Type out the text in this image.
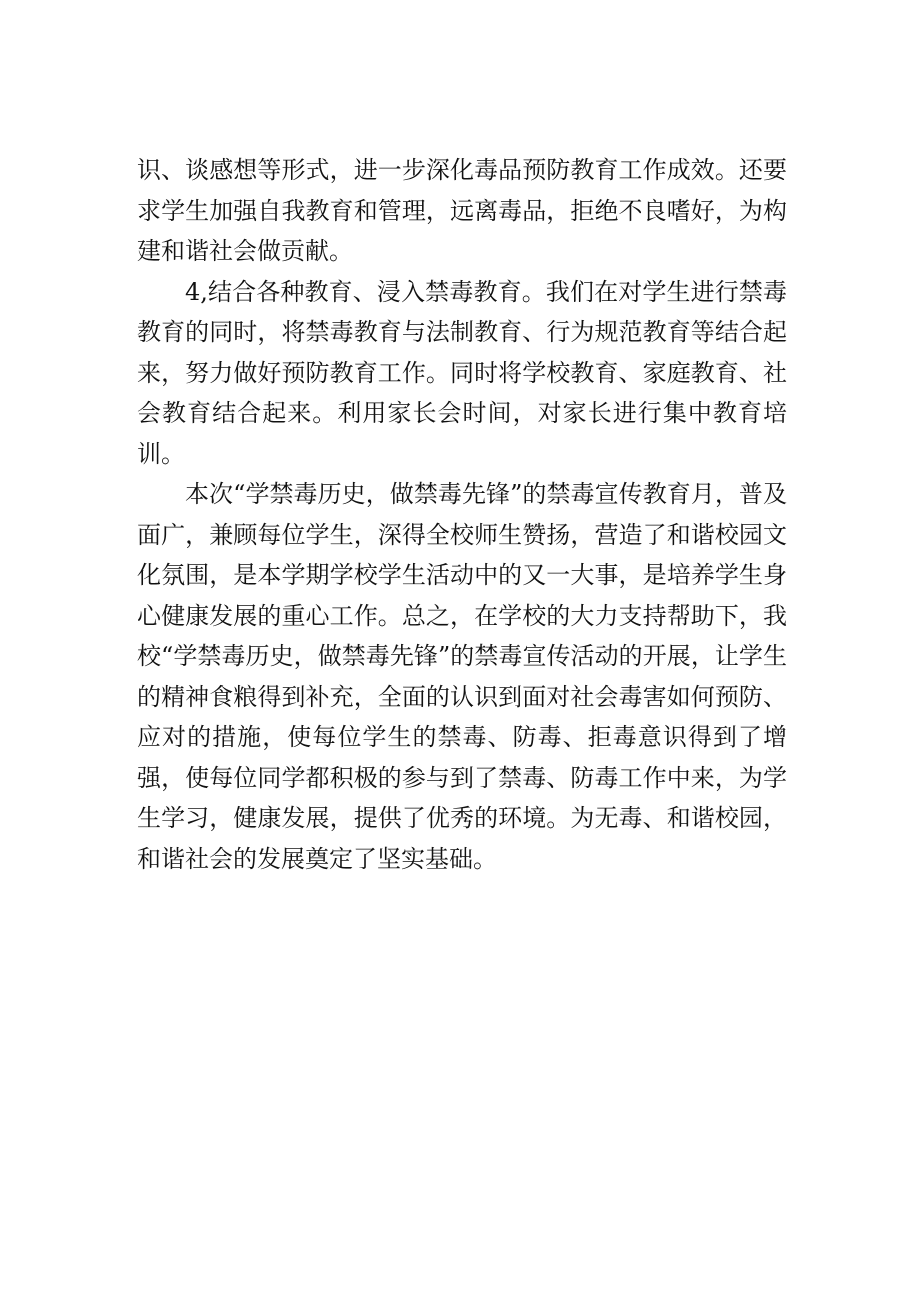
识、谈感想等形式，进一步深化毒品预防教育工作成效。还要求学生加强自我教育和管理，远离毒品，拒绝不良嗜好，为构建和谐社会做贡献。

4,结合各种教育、浸入禁毒教育。我们在对学生进行禁毒教育的同时，将禁毒教育与法制教育、行为规范教育等结合起来，努力做好预防教育工作。同时将学校教育、家庭教育、社会教育结合起来。利用家长会时间，对家长进行集中教育培训。

本次“学禁毒历史，做禁毒先锋”的禁毒宣传教育月，普及面广，兼顾每位学生，深得全校师生赞扬，营造了和谐校园文化氛围，是本学期学校学生活动中的又一大事，是培养学生身心健康发展的重心工作。总之，在学校的大力支持帮助下，我校“学禁毒历史，做禁毒先锋”的禁毒宣传活动的开展，让学生的精神食粮得到补充，全面的认识到面对社会毒害如何预防、应对的措施，使每位学生的禁毒、防毒、拒毒意识得到了增强，使每位同学都积极的参与到了禁毒、防毒工作中来，为学生学习，健康发展，提供了优秀的环境。为无毒、和谐校园，和谐社会的发展奠定了坚实基础。
